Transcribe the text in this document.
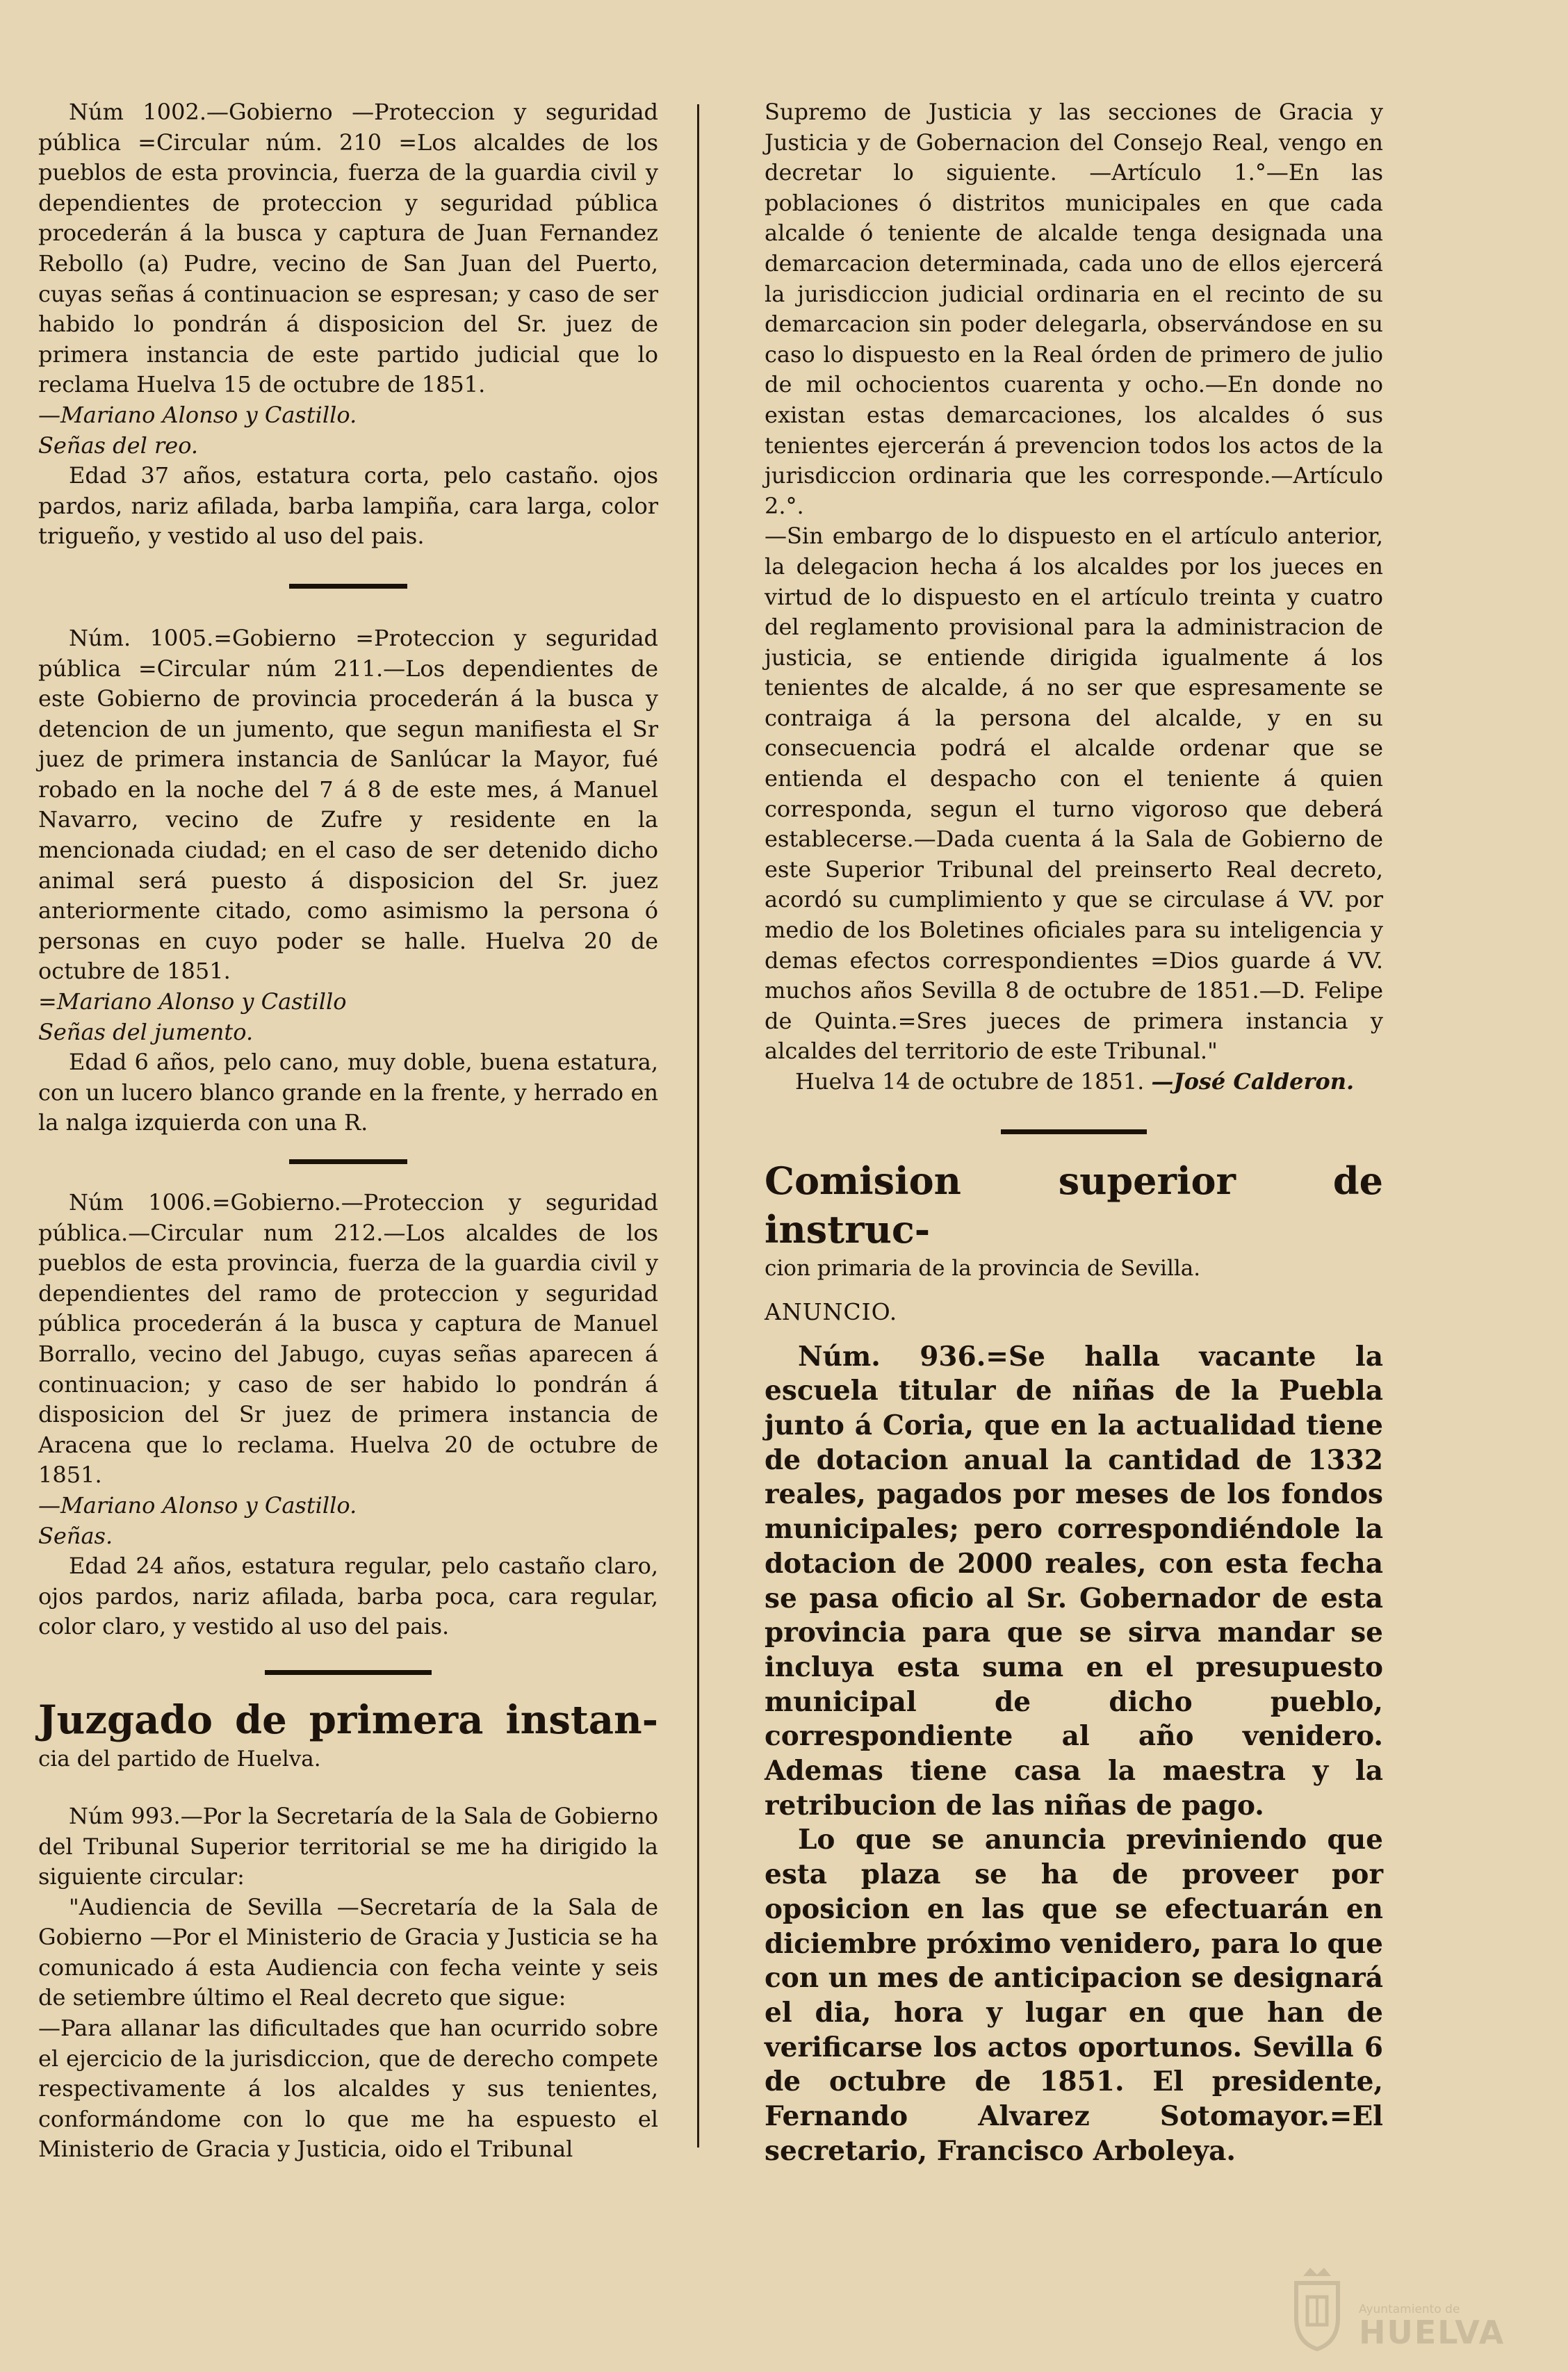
Núm 1002.—Gobierno —Proteccion y seguridad pública =Circular núm. 210 =Los alcaldes de los pueblos de esta provincia, fuerza de la guardia civil y dependientes de proteccion y seguridad pública procederán á la busca y captura de Juan Fernandez Rebollo (a) Pudre, vecino de San Juan del Puerto, cuyas señas á continuacion se espresan; y caso de ser habido lo pondrán á disposicion del Sr. juez de primera instancia de este partido judicial que lo reclama Huelva 15 de octubre de 1851.

—Mariano Alonso y Castillo.

Señas del reo.

Edad 37 años, estatura corta, pelo castaño. ojos pardos, nariz afilada, barba lampiña, cara larga, color trigueño, y vestido al uso del pais.

Núm. 1005.=Gobierno =Proteccion y seguridad pública =Circular núm 211.—Los dependientes de este Gobierno de provincia procederán á la busca y detencion de un jumento, que segun manifiesta el Sr juez de primera instancia de Sanlúcar la Mayor, fué robado en la noche del 7 á 8 de este mes, á Manuel Navarro, vecino de Zufre y residente en la mencionada ciudad; en el caso de ser detenido dicho animal será puesto á disposicion del Sr. juez anteriormente citado, como asimismo la persona ó personas en cuyo poder se halle. Huelva 20 de octubre de 1851.

=Mariano Alonso y Castillo

Señas del jumento.

Edad 6 años, pelo cano, muy doble, buena estatura, con un lucero blanco grande en la frente, y herrado en la nalga izquierda con una R.

Núm 1006.=Gobierno.—Proteccion y seguridad pública.—Circular num 212.—Los alcaldes de los pueblos de esta provincia, fuerza de la guardia civil y dependientes del ramo de proteccion y seguridad pública procederán á la busca y captura de Manuel Borrallo, vecino del Jabugo, cuyas señas aparecen á continuacion; y caso de ser habido lo pondrán á disposicion del Sr juez de primera instancia de Aracena que lo reclama. Huelva 20 de octubre de 1851.

—Mariano Alonso y Castillo.

Señas.

Edad 24 años, estatura regular, pelo castaño claro, ojos pardos, nariz afilada, barba poca, cara regular, color claro, y vestido al uso del pais.

Juzgado de primera instan-

cia del partido de Huelva.

Núm 993.—Por la Secretaría de la Sala de Gobierno del Tribunal Superior territorial se me ha dirigido la siguiente circular:

"Audiencia de Sevilla —Secretaría de la Sala de Gobierno —Por el Ministerio de Gracia y Justicia se ha comunicado á esta Audiencia con fecha veinte y seis de setiembre último el Real decreto que sigue:

—Para allanar las dificultades que han ocurrido sobre el ejercicio de la jurisdiccion, que de derecho compete respectivamente á los alcaldes y sus tenientes, conformándome con lo que me ha espuesto el Ministerio de Gracia y Justicia, oido el Tribunal

Supremo de Justicia y las secciones de Gracia y Justicia y de Gobernacion del Consejo Real, vengo en decretar lo siguiente. —Artículo 1.°—En las poblaciones ó distritos municipales en que cada alcalde ó teniente de alcalde tenga designada una demarcacion determinada, cada uno de ellos ejercerá la jurisdiccion judicial ordinaria en el recinto de su demarcacion sin poder delegarla, observándose en su caso lo dispuesto en la Real órden de primero de julio de mil ochocientos cuarenta y ocho.—En donde no existan estas demarcaciones, los alcaldes ó sus tenientes ejercerán á prevencion todos los actos de la jurisdiccion ordinaria que les corresponde.—Artículo 2.°.

—Sin embargo de lo dispuesto en el artículo anterior, la delegacion hecha á los alcaldes por los jueces en virtud de lo dispuesto en el artículo treinta y cuatro del reglamento provisional para la administracion de justicia, se entiende dirigida igualmente á los tenientes de alcalde, á no ser que espresamente se contraiga á la persona del alcalde, y en su consecuencia podrá el alcalde ordenar que se entienda el despacho con el teniente á quien corresponda, segun el turno vigoroso que deberá establecerse.—Dada cuenta á la Sala de Gobierno de este Superior Tribunal del preinserto Real decreto, acordó su cumplimiento y que se circulase á VV. por medio de los Boletines oficiales para su inteligencia y demas efectos correspondientes =Dios guarde á VV. muchos años Sevilla 8 de octubre de 1851.—D. Felipe de Quinta.=Sres jueces de primera instancia y alcaldes del territorio de este Tribunal."

Huelva 14 de octubre de 1851. —José Calderon.

Comision superior de instruc-

cion primaria de la provincia de Sevilla.

ANUNCIO.

Núm. 936.=Se halla vacante la escuela titular de niñas de la Puebla junto á Coria, que en la actualidad tiene de dotacion anual la cantidad de 1332 reales, pagados por meses de los fondos municipales; pero correspondiéndole la dotacion de 2000 reales, con esta fecha se pasa oficio al Sr. Gobernador de esta provincia para que se sirva mandar se incluya esta suma en el presupuesto municipal de dicho pueblo, correspondiente al año venidero. Ademas tiene casa la maestra y la retribucion de las niñas de pago.

Lo que se anuncia previniendo que esta plaza se ha de proveer por oposicion en las que se efectuarán en diciembre próximo venidero, para lo que con un mes de anticipacion se designará el dia, hora y lugar en que han de verificarse los actos oportunos. Sevilla 6 de octubre de 1851. El presidente, Fernando Alvarez Sotomayor.=El secretario, Francisco Arboleya.

Ayuntamiento de
HUELVA
